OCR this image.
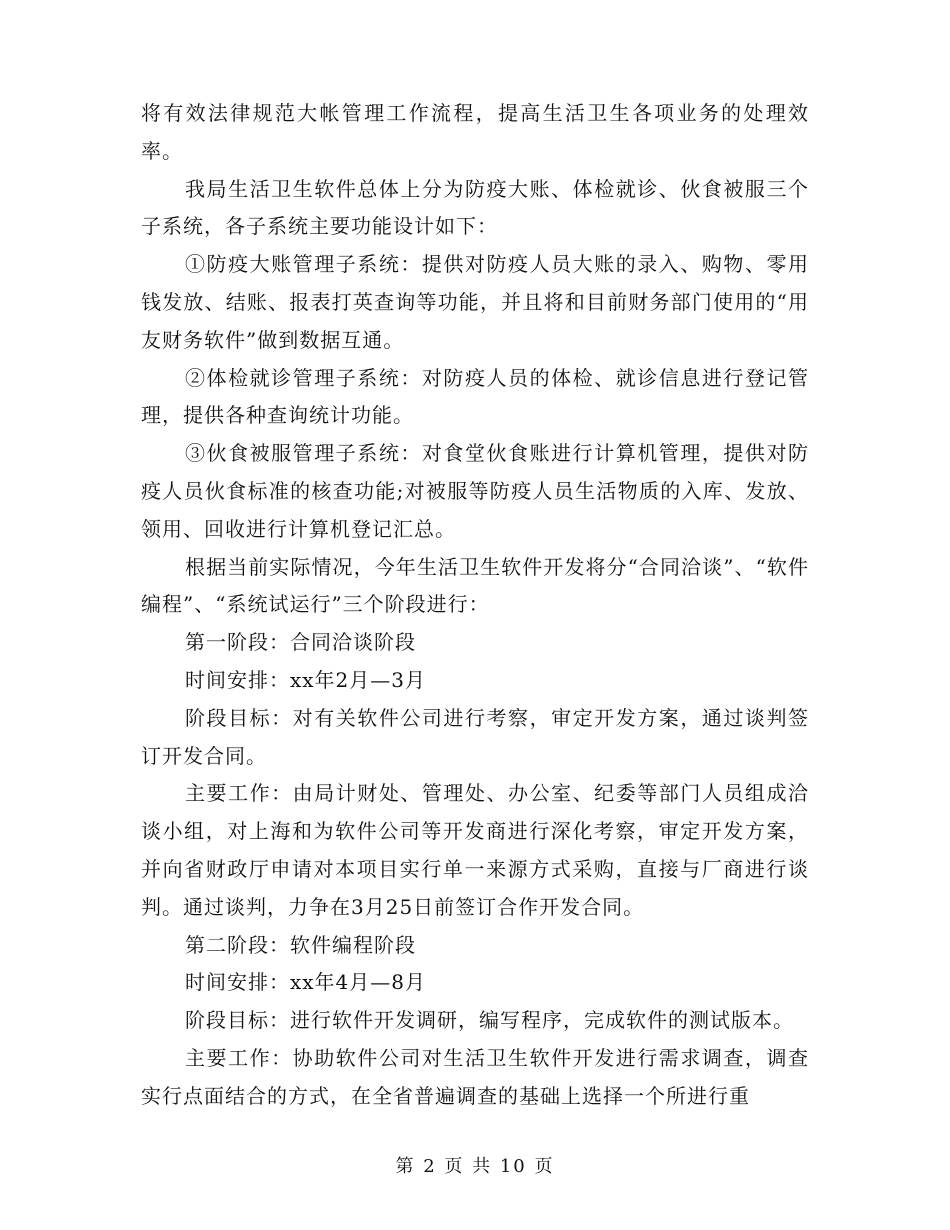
将有效法律规范大帐管理工作流程，提高生活卫生各项业务的处理效率。

我局生活卫生软件总体上分为防疫大账、体检就诊、伙食被服三个子系统，各子系统主要功能设计如下：

①防疫大账管理子系统：提供对防疫人员大账的录入、购物、零用钱发放、结账、报表打英查询等功能，并且将和目前财务部门使用的“用友财务软件”做到数据互通。

②体检就诊管理子系统：对防疫人员的体检、就诊信息进行登记管理，提供各种查询统计功能。

③伙食被服管理子系统：对食堂伙食账进行计算机管理，提供对防疫人员伙食标准的核查功能;对被服等防疫人员生活物质的入库、发放、领用、回收进行计算机登记汇总。

根据当前实际情况，今年生活卫生软件开发将分“合同洽谈”、“软件编程”、“系统试运行”三个阶段进行：

第一阶段：合同洽谈阶段

时间安排：xx年2月—3月

阶段目标：对有关软件公司进行考察，审定开发方案，通过谈判签订开发合同。

主要工作：由局计财处、管理处、办公室、纪委等部门人员组成洽谈小组，对上海和为软件公司等开发商进行深化考察，审定开发方案，并向省财政厅申请对本项目实行单一来源方式采购，直接与厂商进行谈判。通过谈判，力争在3月25日前签订合作开发合同。

第二阶段：软件编程阶段

时间安排：xx年4月—8月

阶段目标：进行软件开发调研，编写程序，完成软件的测试版本。

主要工作：协助软件公司对生活卫生软件开发进行需求调查，调查实行点面结合的方式，在全省普遍调查的基础上选择一个所进行重

第 2 页 共 10 页
